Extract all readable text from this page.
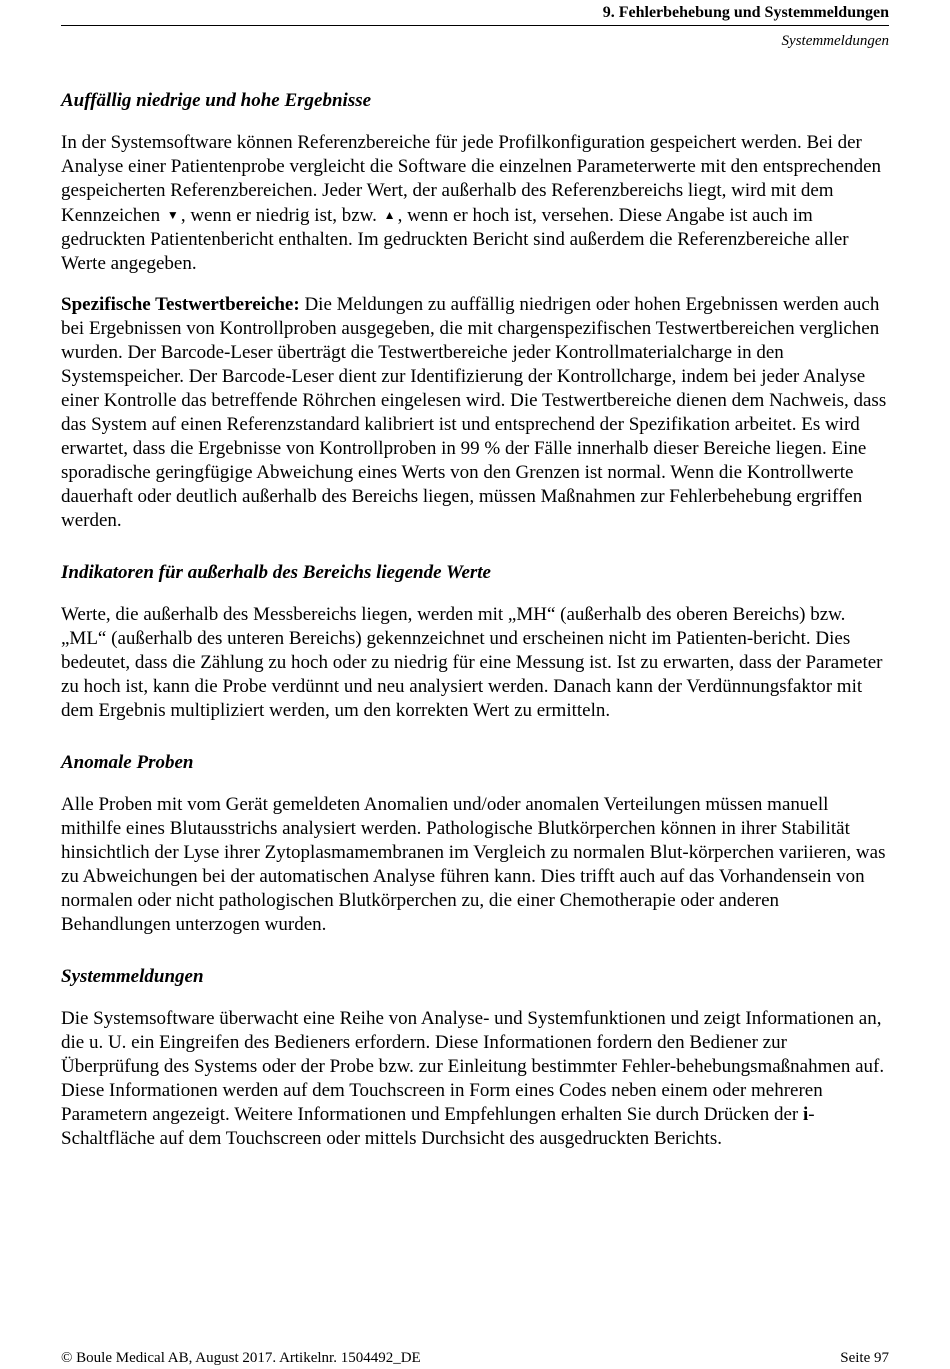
9. Fehlerbehebung und Systemmeldungen
Systemmeldungen
Auffällig niedrige und hohe Ergebnisse

In der Systemsoftware können Referenzbereiche für jede Profilkonfiguration gespeichert werden. Bei der Analyse einer Patientenprobe vergleicht die Software die einzelnen Parameterwerte mit den entsprechenden gespeicherten Referenzbereichen. Jeder Wert, der außerhalb des Referenzbereichs liegt, wird mit dem Kennzeichen ▼ , wenn er niedrig ist, bzw. ▲ , wenn er hoch ist, versehen. Diese Angabe ist auch im gedruckten Patientenbericht enthalten. Im gedruckten Bericht sind außerdem die Referenzbereiche aller Werte angegeben.

Spezifische Testwertbereiche: Die Meldungen zu auffällig niedrigen oder hohen Ergebnissen werden auch bei Ergebnissen von Kontrollproben ausgegeben, die mit chargenspezifischen Testwertbereichen verglichen wurden. Der Barcode-Leser überträgt die Testwertbereiche jeder Kontrollmaterialcharge in den Systemspeicher. Der Barcode-Leser dient zur Identifizierung der Kontrollcharge, indem bei jeder Analyse einer Kontrolle das betreffende Röhrchen eingelesen wird. Die Testwertbereiche dienen dem Nachweis, dass das System auf einen Referenzstandard kalibriert ist und entsprechend der Spezifikation arbeitet. Es wird erwartet, dass die Ergebnisse von Kontrollproben in 99 % der Fälle innerhalb dieser Bereiche liegen. Eine sporadische geringfügige Abweichung eines Werts von den Grenzen ist normal. Wenn die Kontrollwerte dauerhaft oder deutlich außerhalb des Bereichs liegen, müssen Maßnahmen zur Fehlerbehebung ergriffen werden.

Indikatoren für außerhalb des Bereichs liegende Werte

Werte, die außerhalb des Messbereichs liegen, werden mit „MH“ (außerhalb des oberen Bereichs) bzw. „ML“ (außerhalb des unteren Bereichs) gekennzeichnet und erscheinen nicht im Patienten-bericht. Dies bedeutet, dass die Zählung zu hoch oder zu niedrig für eine Messung ist. Ist zu erwarten, dass der Parameter zu hoch ist, kann die Probe verdünnt und neu analysiert werden. Danach kann der Verdünnungsfaktor mit dem Ergebnis multipliziert werden, um den korrekten Wert zu ermitteln.

Anomale Proben

Alle Proben mit vom Gerät gemeldeten Anomalien und/oder anomalen Verteilungen müssen manuell mithilfe eines Blutausstrichs analysiert werden. Pathologische Blutkörperchen können in ihrer Stabilität hinsichtlich der Lyse ihrer Zytoplasmamembranen im Vergleich zu normalen Blut-körperchen variieren, was zu Abweichungen bei der automatischen Analyse führen kann. Dies trifft auch auf das Vorhandensein von normalen oder nicht pathologischen Blutkörperchen zu, die einer Chemotherapie oder anderen Behandlungen unterzogen wurden.

Systemmeldungen

Die Systemsoftware überwacht eine Reihe von Analyse- und Systemfunktionen und zeigt Informationen an, die u. U. ein Eingreifen des Bedieners erfordern. Diese Informationen fordern den Bediener zur Überprüfung des Systems oder der Probe bzw. zur Einleitung bestimmter Fehler-behebungsmaßnahmen auf. Diese Informationen werden auf dem Touchscreen in Form eines Codes neben einem oder mehreren Parametern angezeigt. Weitere Informationen und Empfehlungen erhalten Sie durch Drücken der i-Schaltfläche auf dem Touchscreen oder mittels Durchsicht des ausgedruckten Berichts.

© Boule Medical AB, August 2017. Artikelnr. 1504492_DE	Seite 97
